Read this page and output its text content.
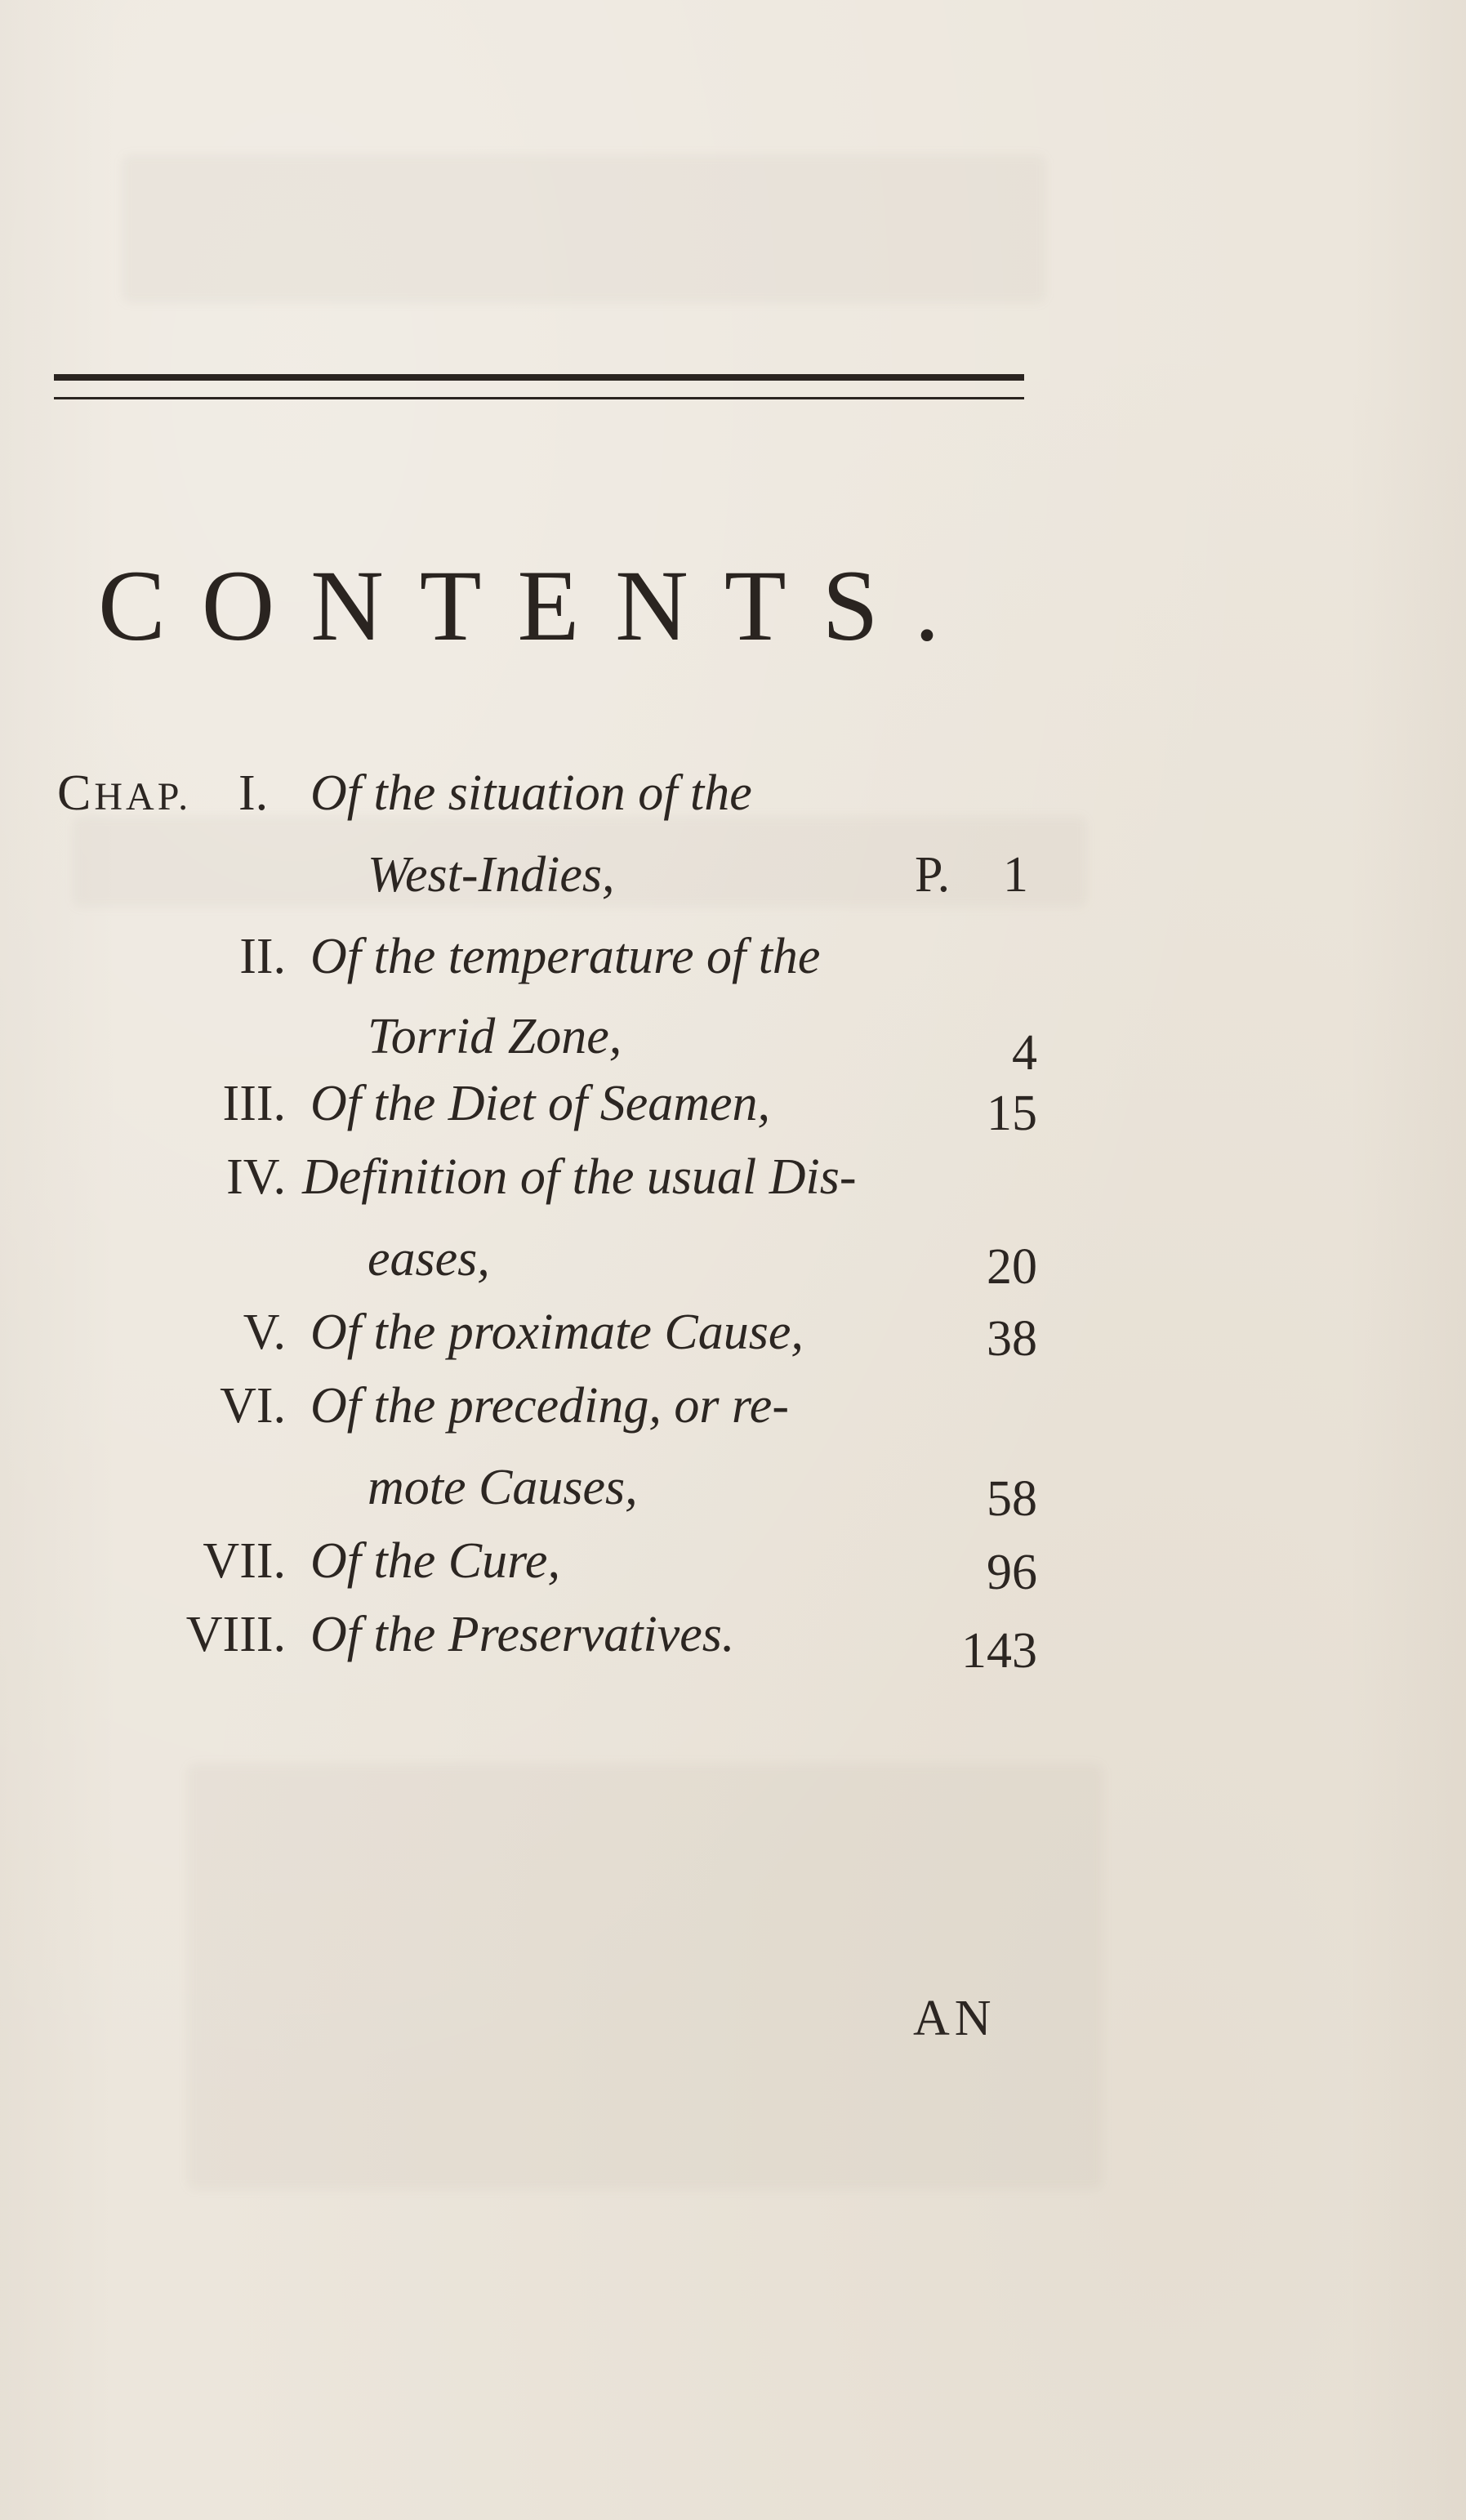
CONTENTS.
CHAP. I. Of the situation of the
West-Indies,	P. 1
II. Of the temperature of the
Torrid Zone,	4
III. Of the Diet of Seamen,	15
IV. Definition of the usual Dis-
eases,	20
V. Of the proximate Cause,	38
VI. Of the preceding, or re-
mote Causes,	58
VII. Of the Cure,	96
VIII. Of the Preservatives.	143
AN
